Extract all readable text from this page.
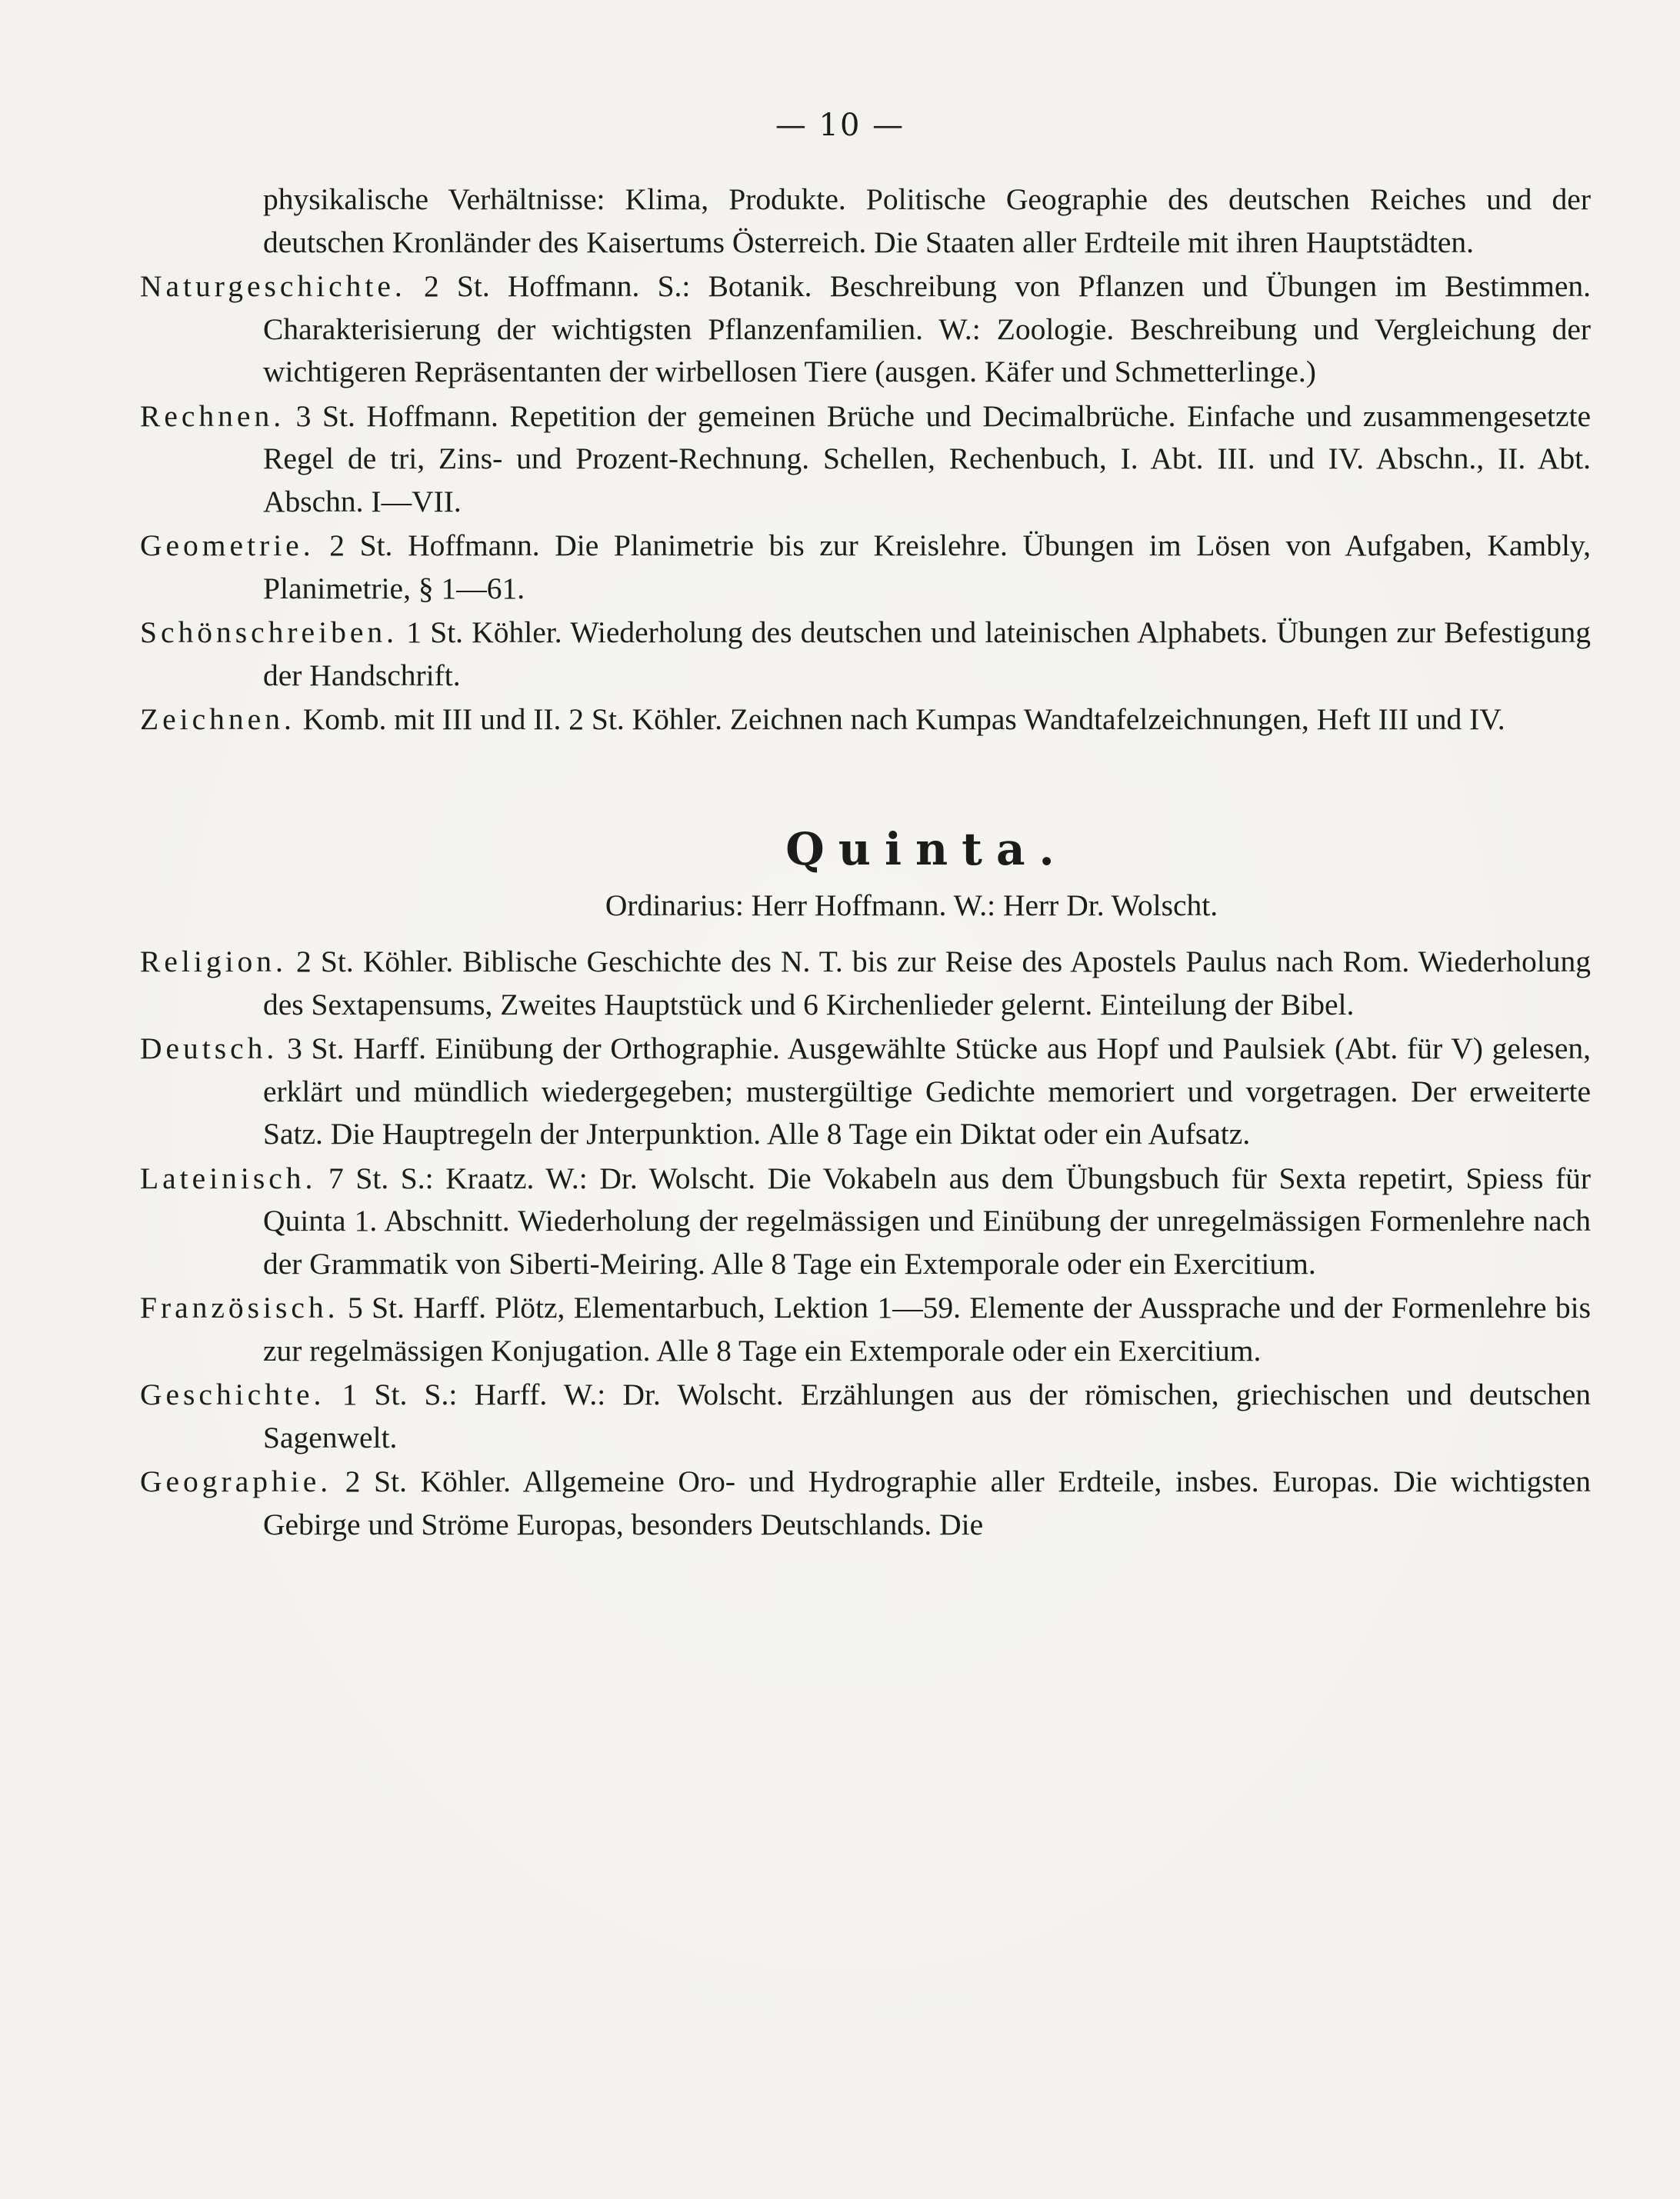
— 10 —

physikalische Verhältnisse: Klima, Produkte. Politische Geographie des deutschen Reiches und der deutschen Kronländer des Kaisertums Österreich. Die Staaten aller Erdteile mit ihren Hauptstädten.

Naturgeschichte. 2 St. Hoffmann. S.: Botanik. Beschreibung von Pflanzen und Übungen im Bestimmen. Charakterisierung der wichtigsten Pflanzenfamilien. W.: Zoologie. Beschreibung und Vergleichung der wichtigeren Repräsentanten der wirbellosen Tiere (ausgen. Käfer und Schmetterlinge.)

Rechnen. 3 St. Hoffmann. Repetition der gemeinen Brüche und Decimalbrüche. Einfache und zusammengesetzte Regel de tri, Zins- und Prozent-Rechnung. Schellen, Rechenbuch, I. Abt. III. und IV. Abschn., II. Abt. Abschn. I—VII.

Geometrie. 2 St. Hoffmann. Die Planimetrie bis zur Kreislehre. Übungen im Lösen von Aufgaben, Kambly, Planimetrie, § 1—61.

Schönschreiben. 1 St. Köhler. Wiederholung des deutschen und lateinischen Alphabets. Übungen zur Befestigung der Handschrift.

Zeichnen. Komb. mit III und II. 2 St. Köhler. Zeichnen nach Kumpas Wandtafelzeichnungen, Heft III und IV.

Quinta.
Ordinarius: Herr Hoffmann. W.: Herr Dr. Wolscht.

Religion. 2 St. Köhler. Biblische Geschichte des N. T. bis zur Reise des Apostels Paulus nach Rom. Wiederholung des Sextapensums, Zweites Hauptstück und 6 Kirchenlieder gelernt. Einteilung der Bibel.

Deutsch. 3 St. Harff. Einübung der Orthographie. Ausgewählte Stücke aus Hopf und Paulsiek (Abt. für V) gelesen, erklärt und mündlich wiedergegeben; mustergültige Gedichte memoriert und vorgetragen. Der erweiterte Satz. Die Hauptregeln der Jnterpunktion. Alle 8 Tage ein Diktat oder ein Aufsatz.

Lateinisch. 7 St. S.: Kraatz. W.: Dr. Wolscht. Die Vokabeln aus dem Übungsbuch für Sexta repetirt, Spiess für Quinta 1. Abschnitt. Wiederholung der regelmässigen und Einübung der unregelmässigen Formenlehre nach der Grammatik von Siberti-Meiring. Alle 8 Tage ein Extemporale oder ein Exercitium.

Französisch. 5 St. Harff. Plötz, Elementarbuch, Lektion 1—59. Elemente der Aussprache und der Formenlehre bis zur regelmässigen Konjugation. Alle 8 Tage ein Extemporale oder ein Exercitium.

Geschichte. 1 St. S.: Harff. W.: Dr. Wolscht. Erzählungen aus der römischen, griechischen und deutschen Sagenwelt.

Geographie. 2 St. Köhler. Allgemeine Oro- und Hydrographie aller Erdteile, insbes. Europas. Die wichtigsten Gebirge und Ströme Europas, besonders Deutschlands. Die
